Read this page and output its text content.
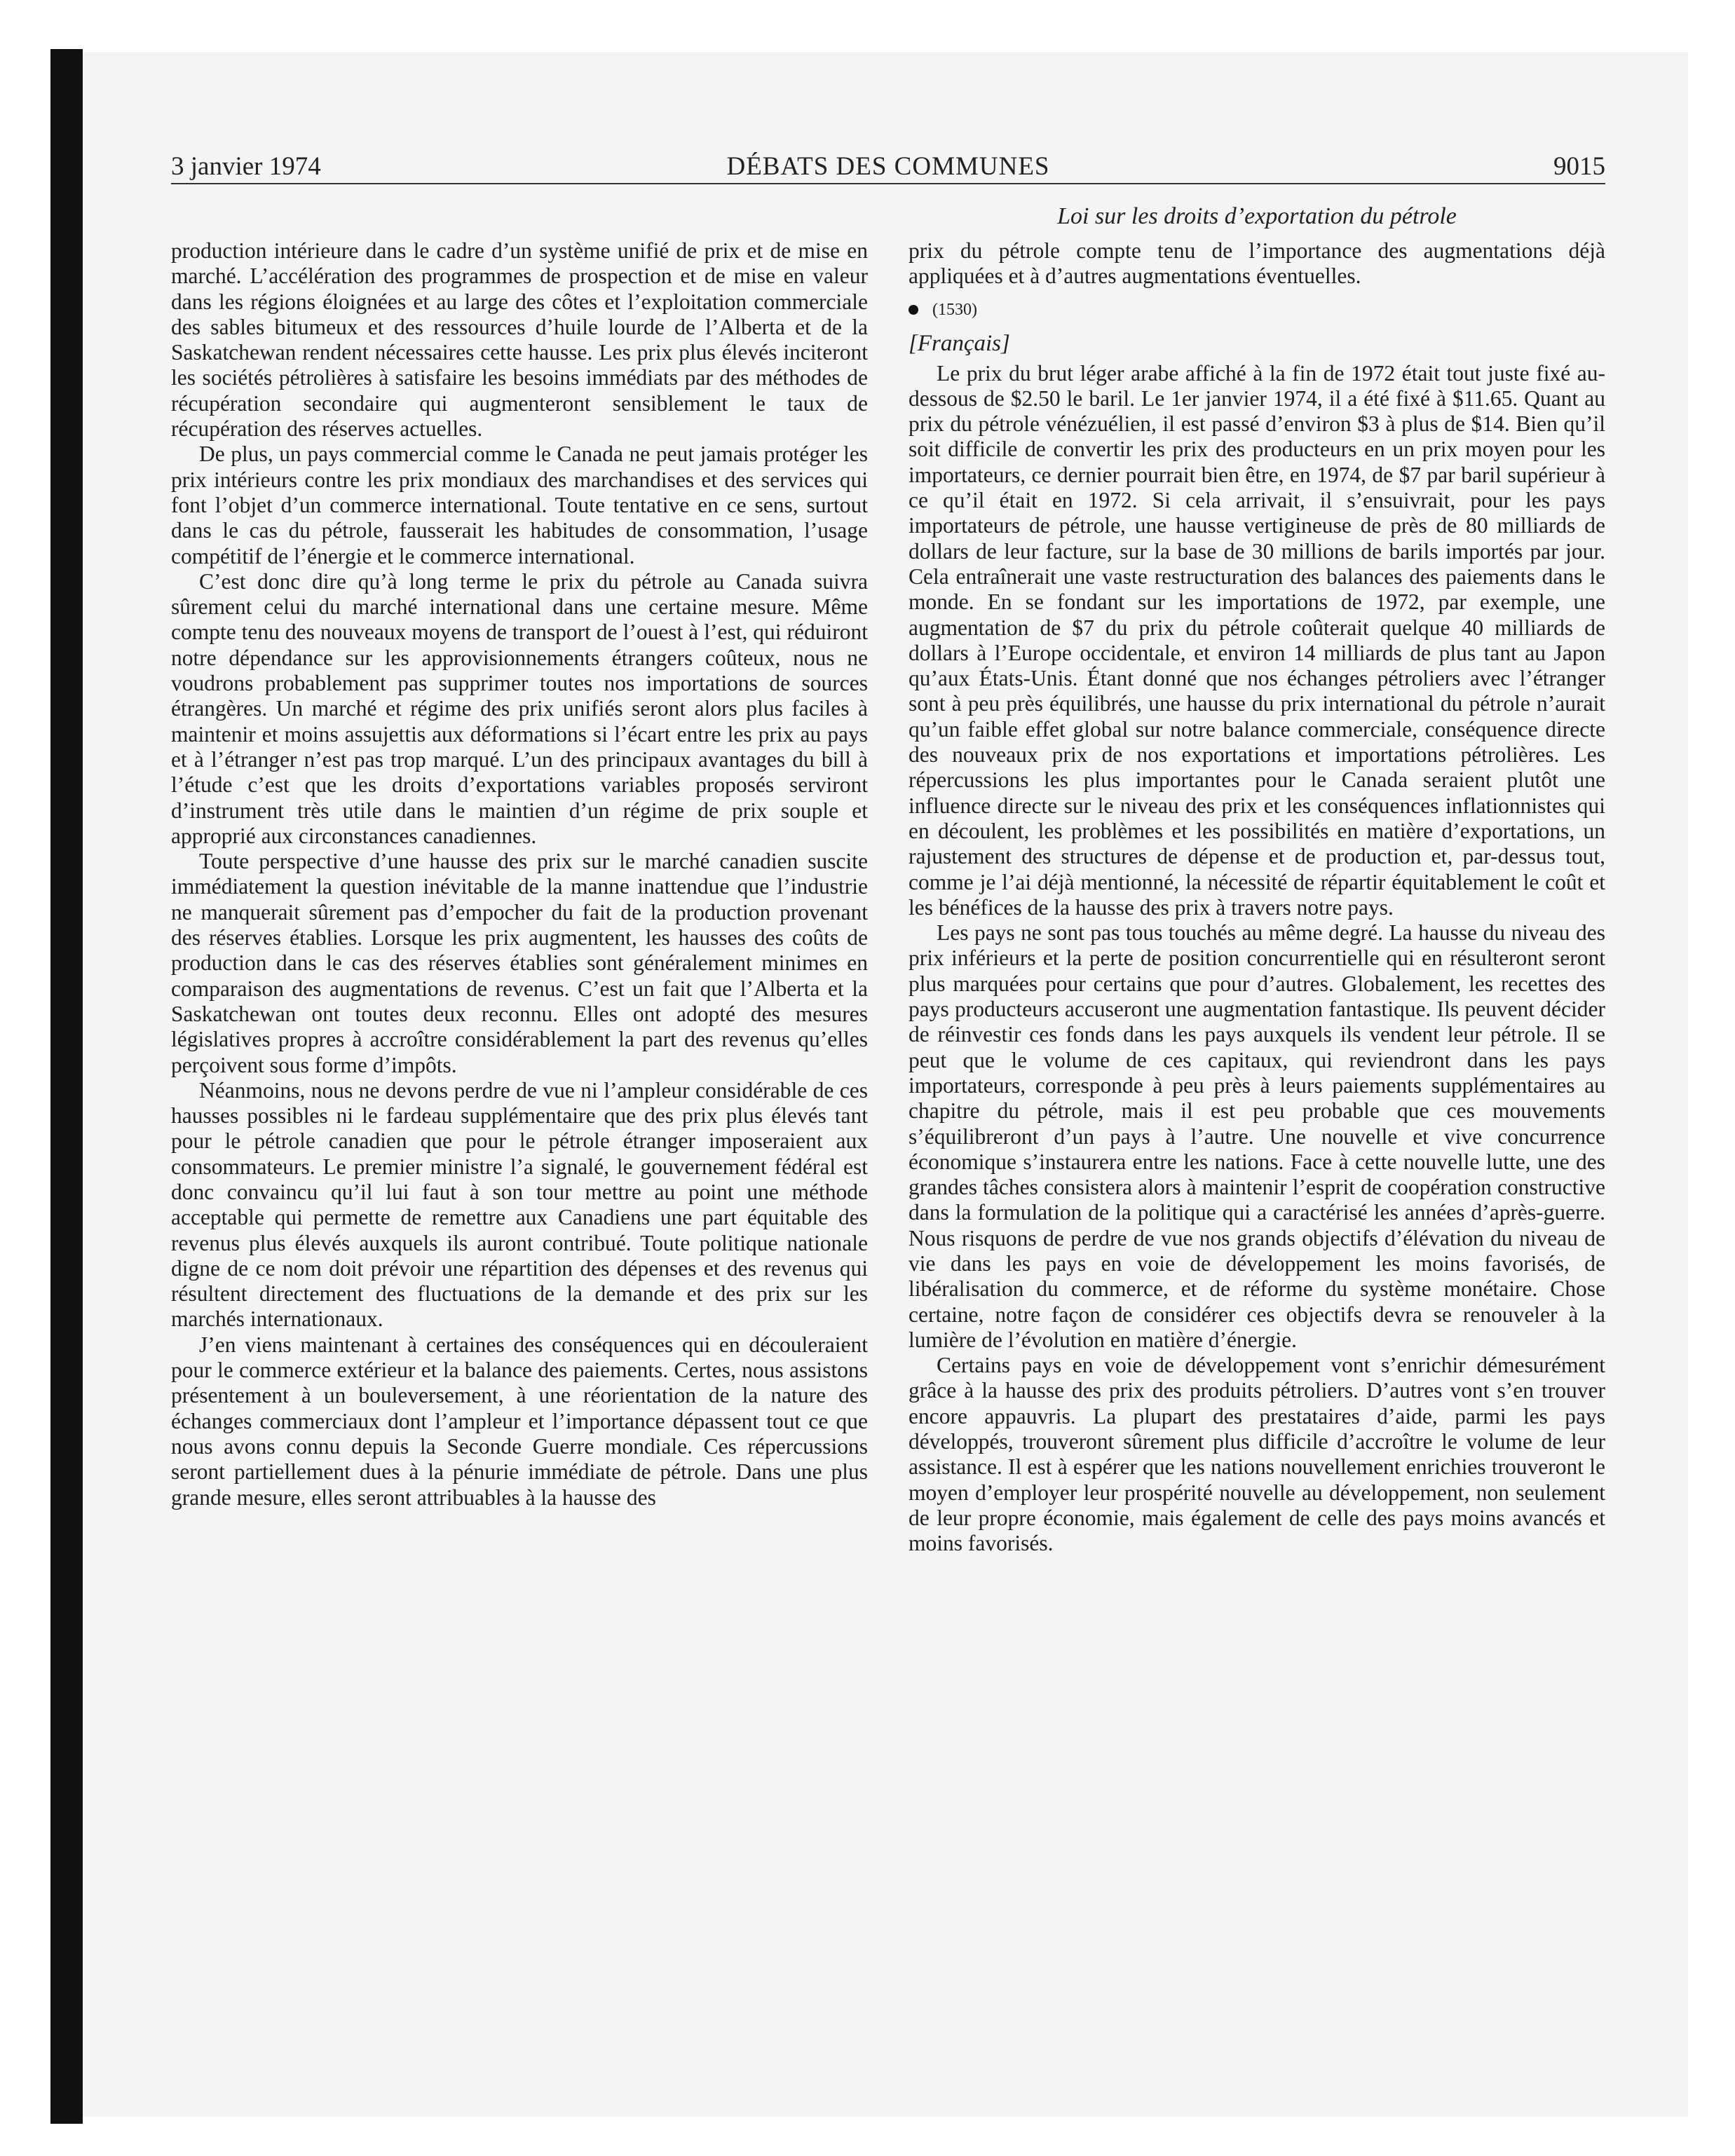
3 janvier 1974	DÉBATS DES COMMUNES	9015
Loi sur les droits d’exportation du pétrole

production intérieure dans le cadre d’un système unifié de prix et de mise en marché. L’accélération des programmes de prospection et de mise en valeur dans les régions éloignées et au large des côtes et l’exploitation commerciale des sables bitumeux et des ressources d’huile lourde de l’Alberta et de la Saskatchewan rendent nécessaires cette hausse. Les prix plus élevés inciteront les sociétés pétrolières à satisfaire les besoins immédiats par des méthodes de récupération secondaire qui augmenteront sensiblement le taux de récupération des réserves actuelles.

De plus, un pays commercial comme le Canada ne peut jamais protéger les prix intérieurs contre les prix mondiaux des marchandises et des services qui font l’objet d’un commerce international. Toute tentative en ce sens, surtout dans le cas du pétrole, fausserait les habitudes de consommation, l’usage compétitif de l’énergie et le commerce international.

C’est donc dire qu’à long terme le prix du pétrole au Canada suivra sûrement celui du marché international dans une certaine mesure. Même compte tenu des nouveaux moyens de transport de l’ouest à l’est, qui réduiront notre dépendance sur les approvisionnements étrangers coûteux, nous ne voudrons probablement pas supprimer toutes nos importations de sources étrangères. Un marché et régime des prix unifiés seront alors plus faciles à maintenir et moins assujettis aux déformations si l’écart entre les prix au pays et à l’étranger n’est pas trop marqué. L’un des principaux avantages du bill à l’étude c’est que les droits d’exportations variables proposés serviront d’instrument très utile dans le maintien d’un régime de prix souple et approprié aux circonstances canadiennes.

Toute perspective d’une hausse des prix sur le marché canadien suscite immédiatement la question inévitable de la manne inattendue que l’industrie ne manquerait sûrement pas d’empocher du fait de la production provenant des réserves établies. Lorsque les prix augmentent, les hausses des coûts de production dans le cas des réserves établies sont généralement minimes en comparaison des augmentations de revenus. C’est un fait que l’Alberta et la Saskatchewan ont toutes deux reconnu. Elles ont adopté des mesures législatives propres à accroître considérablement la part des revenus qu’elles perçoivent sous forme d’impôts.

Néanmoins, nous ne devons perdre de vue ni l’ampleur considérable de ces hausses possibles ni le fardeau supplémentaire que des prix plus élevés tant pour le pétrole canadien que pour le pétrole étranger imposeraient aux consommateurs. Le premier ministre l’a signalé, le gouvernement fédéral est donc convaincu qu’il lui faut à son tour mettre au point une méthode acceptable qui permette de remettre aux Canadiens une part équitable des revenus plus élevés auxquels ils auront contribué. Toute politique nationale digne de ce nom doit prévoir une répartition des dépenses et des revenus qui résultent directement des fluctuations de la demande et des prix sur les marchés internationaux.

J’en viens maintenant à certaines des conséquences qui en découleraient pour le commerce extérieur et la balance des paiements. Certes, nous assistons présentement à un bouleversement, à une réorientation de la nature des échanges commerciaux dont l’ampleur et l’importance dépassent tout ce que nous avons connu depuis la Seconde Guerre mondiale. Ces répercussions seront partiellement dues à la pénurie immédiate de pétrole. Dans une plus grande mesure, elles seront attribuables à la hausse des

prix du pétrole compte tenu de l’importance des augmentations déjà appliquées et à d’autres augmentations éventuelles.

(1530)
[Français]

Le prix du brut léger arabe affiché à la fin de 1972 était tout juste fixé au-dessous de $2.50 le baril. Le 1er janvier 1974, il a été fixé à $11.65. Quant au prix du pétrole vénézuélien, il est passé d’environ $3 à plus de $14. Bien qu’il soit difficile de convertir les prix des producteurs en un prix moyen pour les importateurs, ce dernier pourrait bien être, en 1974, de $7 par baril supérieur à ce qu’il était en 1972. Si cela arrivait, il s’ensuivrait, pour les pays importateurs de pétrole, une hausse vertigineuse de près de 80 milliards de dollars de leur facture, sur la base de 30 millions de barils importés par jour. Cela entraînerait une vaste restructuration des balances des paiements dans le monde. En se fondant sur les importations de 1972, par exemple, une augmentation de $7 du prix du pétrole coûterait quelque 40 milliards de dollars à l’Europe occidentale, et environ 14 milliards de plus tant au Japon qu’aux États-Unis. Étant donné que nos échanges pétroliers avec l’étranger sont à peu près équilibrés, une hausse du prix international du pétrole n’aurait qu’un faible effet global sur notre balance commerciale, conséquence directe des nouveaux prix de nos exportations et importations pétrolières. Les répercussions les plus importantes pour le Canada seraient plutôt une influence directe sur le niveau des prix et les conséquences inflationnistes qui en découlent, les problèmes et les possibilités en matière d’exportations, un rajustement des structures de dépense et de production et, par-dessus tout, comme je l’ai déjà mentionné, la nécessité de répartir équitablement le coût et les bénéfices de la hausse des prix à travers notre pays.

Les pays ne sont pas tous touchés au même degré. La hausse du niveau des prix inférieurs et la perte de position concurrentielle qui en résulteront seront plus marquées pour certains que pour d’autres. Globalement, les recettes des pays producteurs accuseront une augmentation fantastique. Ils peuvent décider de réinvestir ces fonds dans les pays auxquels ils vendent leur pétrole. Il se peut que le volume de ces capitaux, qui reviendront dans les pays importateurs, corresponde à peu près à leurs paiements supplémentaires au chapitre du pétrole, mais il est peu probable que ces mouvements s’équilibreront d’un pays à l’autre. Une nouvelle et vive concurrence économique s’instaurera entre les nations. Face à cette nouvelle lutte, une des grandes tâches consistera alors à maintenir l’esprit de coopération constructive dans la formulation de la politique qui a caractérisé les années d’après-guerre. Nous risquons de perdre de vue nos grands objectifs d’élévation du niveau de vie dans les pays en voie de développement les moins favorisés, de libéralisation du commerce, et de réforme du système monétaire. Chose certaine, notre façon de considérer ces objectifs devra se renouveler à la lumière de l’évolution en matière d’énergie.

Certains pays en voie de développement vont s’enrichir démesurément grâce à la hausse des prix des produits pétroliers. D’autres vont s’en trouver encore appauvris. La plupart des prestataires d’aide, parmi les pays développés, trouveront sûrement plus difficile d’accroître le volume de leur assistance. Il est à espérer que les nations nouvellement enrichies trouveront le moyen d’employer leur prospérité nouvelle au développement, non seulement de leur propre économie, mais également de celle des pays moins avancés et moins favorisés.
